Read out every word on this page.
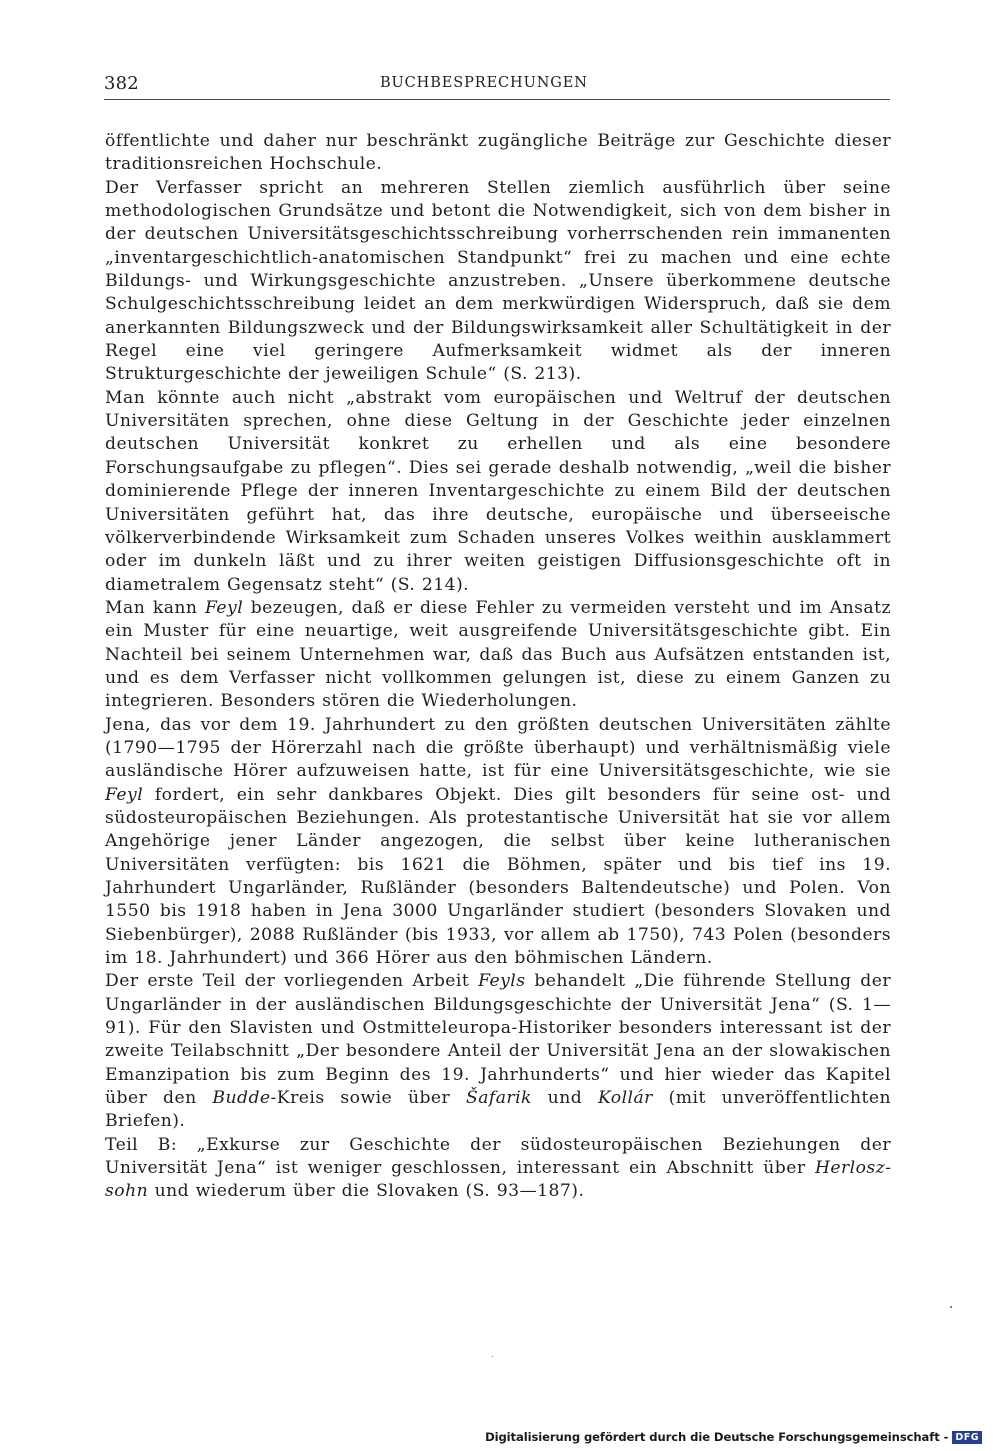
382	BUCHBESPRECHUNGEN

öffentlichte und daher nur beschränkt zugängliche Beiträge zur Geschichte dieser traditionsreichen Hochschule.

Der Verfasser spricht an mehreren Stellen ziemlich ausführlich über seine methodologischen Grundsätze und betont die Notwendigkeit, sich von dem bisher in der deutschen Universitätsgeschichtsschreibung vorherrschenden rein immanenten „inventargeschichtlich-anatomischen Standpunkt“ frei zu machen und eine echte Bildungs- und Wirkungsgeschichte anzustreben. „Unsere überkommene deutsche Schulgeschichtsschreibung leidet an dem merkwürdigen Widerspruch, daß sie dem anerkannten Bildungszweck und der Bildungswirksamkeit aller Schultätigkeit in der Regel eine viel geringere Aufmerksamkeit widmet als der inneren Strukturgeschichte der jeweiligen Schule“ (S. 213).

Man könnte auch nicht „abstrakt vom europäischen und Weltruf der deutschen Universitäten sprechen, ohne diese Geltung in der Geschichte jeder einzelnen deutschen Universität konkret zu erhellen und als eine besondere Forschungsaufgabe zu pflegen“. Dies sei gerade deshalb notwendig, „weil die bisher dominierende Pflege der inneren Inventargeschichte zu einem Bild der deutschen Universitäten geführt hat, das ihre deutsche, europäische und überseeische völkerverbindende Wirksamkeit zum Schaden unseres Volkes weithin ausklammert oder im dunkeln läßt und zu ihrer weiten geistigen Diffusionsgeschichte oft in diametralem Gegensatz steht“ (S. 214).

Man kann Feyl bezeugen, daß er diese Fehler zu vermeiden versteht und im Ansatz ein Muster für eine neuartige, weit ausgreifende Universitätsgeschichte gibt. Ein Nachteil bei seinem Unternehmen war, daß das Buch aus Aufsätzen entstanden ist, und es dem Verfasser nicht vollkommen gelungen ist, diese zu einem Ganzen zu integrieren. Besonders stören die Wiederholungen.

Jena, das vor dem 19. Jahrhundert zu den größten deutschen Universitäten zählte (1790—1795 der Hörerzahl nach die größte überhaupt) und verhältnismäßig viele ausländische Hörer aufzuweisen hatte, ist für eine Universitätsgeschichte, wie sie Feyl fordert, ein sehr dankbares Objekt. Dies gilt besonders für seine ost- und südosteuropäischen Beziehungen. Als protestantische Universität hat sie vor allem Angehörige jener Länder angezogen, die selbst über keine lutheranischen Universitäten verfügten: bis 1621 die Böhmen, später und bis tief ins 19. Jahrhundert Ungarländer, Rußländer (besonders Baltendeutsche) und Polen. Von 1550 bis 1918 haben in Jena 3000 Ungarländer studiert (besonders Slovaken und Siebenbürger), 2088 Rußländer (bis 1933, vor allem ab 1750), 743 Polen (besonders im 18. Jahrhundert) und 366 Hörer aus den böhmischen Ländern.

Der erste Teil der vorliegenden Arbeit Feyls behandelt „Die führende Stellung der Ungarländer in der ausländischen Bildungsgeschichte der Universität Jena“ (S. 1—91). Für den Slavisten und Ostmitteleuropa-Historiker besonders interessant ist der zweite Teilabschnitt „Der besondere Anteil der Universität Jena an der slowakischen Emanzipation bis zum Beginn des 19. Jahrhunderts“ und hier wieder das Kapitel über den Budde-Kreis sowie über Šafarik und Kollár (mit unveröffentlichten Briefen).

Teil B: „Exkurse zur Geschichte der südosteuropäischen Beziehungen der Universität Jena“ ist weniger geschlossen, interessant ein Abschnitt über Herloszsohn und wiederum über die Slovaken (S. 93—187).

Digitalisierung gefördert durch die Deutsche Forschungsgemeinschaft - DFG
